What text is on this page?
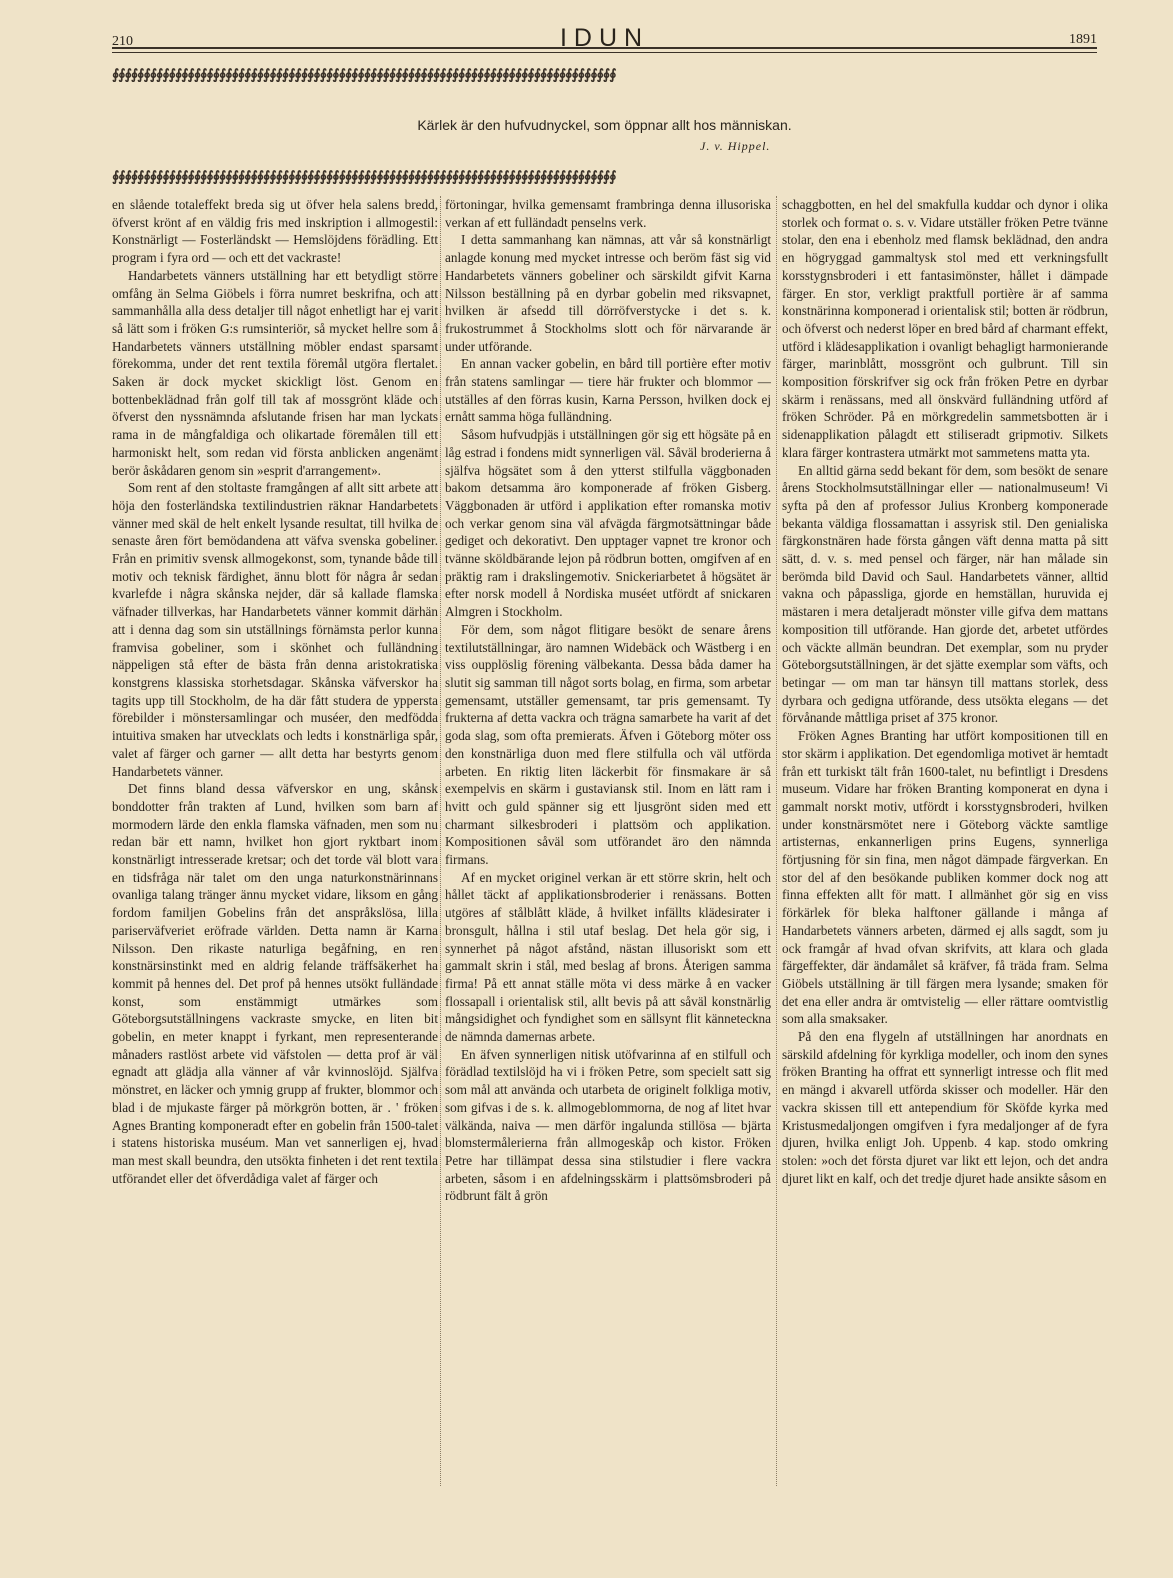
210	IDUN	1891
∮∮∮∮∮∮∮∮∮∮∮∮∮∮∮∮∮∮∮∮∮∮∮∮∮∮∮∮∮∮∮∮∮∮∮∮∮∮∮∮∮∮∮∮∮∮∮∮∮∮∮∮∮∮∮∮∮∮∮∮∮∮∮∮∮∮∮∮∮∮∮∮∮∮∮∮∮∮∮∮
Kärlek är den hufvudnyckel, som öppnar allt hos människan.
J. v. Hippel.
∮∮∮∮∮∮∮∮∮∮∮∮∮∮∮∮∮∮∮∮∮∮∮∮∮∮∮∮∮∮∮∮∮∮∮∮∮∮∮∮∮∮∮∮∮∮∮∮∮∮∮∮∮∮∮∮∮∮∮∮∮∮∮∮∮∮∮∮∮∮∮∮∮∮∮∮∮∮∮∮

en slående totaleffekt breda sig ut öfver hela salens bredd, öfverst krönt af en väldig fris med inskription i allmogestil: Konstnärligt — Fosterländskt — Hemslöjdens förädling. Ett program i fyra ord — och ett det vackraste!

Handarbetets vänners utställning har ett betydligt större omfång än Selma Giöbels i förra numret beskrifna, och att sammanhålla alla dess detaljer till något enhetligt har ej varit så lätt som i fröken G:s rumsinteriör, så mycket hellre som å Handarbetets vänners utställning möbler endast sparsamt förekomma, under det rent textila föremål utgöra flertalet. Saken är dock mycket skickligt löst. Genom en bottenbeklädnad från golf till tak af mossgrönt kläde och öfverst den nyssnämnda afslutande frisen har man lyckats rama in de mångfaldiga och olikartade föremålen till ett harmoniskt helt, som redan vid första anblicken angenämt berör åskådaren genom sin »esprit d'arrangement».

Som rent af den stoltaste framgången af allt sitt arbete att höja den fosterländska textilindustrien räknar Handarbetets vänner med skäl de helt enkelt lysande resultat, till hvilka de senaste åren fört bemödandena att väfva svenska gobeliner. Från en primitiv svensk allmogekonst, som, tynande både till motiv och teknisk färdighet, ännu blott för några år sedan kvarlefde i några skånska nejder, där så kallade flamska väfnader tillverkas, har Handarbetets vänner kommit därhän att i denna dag som sin utställnings förnämsta perlor kunna framvisa gobeliner, som i skönhet och fulländning näppeligen stå efter de bästa från denna aristokratiska konstgrens klassiska storhetsdagar. Skånska väfverskor ha tagits upp till Stockholm, de ha där fått studera de yppersta förebilder i mönstersamlingar och muséer, den medfödda intuitiva smaken har utvecklats och ledts i konstnärliga spår, valet af färger och garner — allt detta har bestyrts genom Handarbetets vänner.

Det finns bland dessa väfverskor en ung, skånsk bonddotter från trakten af Lund, hvilken som barn af mormodern lärde den enkla flamska väfnaden, men som nu redan bär ett namn, hvilket hon gjort ryktbart inom konstnärligt intresserade kretsar; och det torde väl blott vara en tidsfråga när talet om den unga naturkonstnärinnans ovanliga talang tränger ännu mycket vidare, liksom en gång fordom familjen Gobelins från det anspråkslösa, lilla pariserväfveriet eröfrade världen. Detta namn är Karna Nilsson. Den rikaste naturliga begåfning, en ren konstnärsinstinkt med en aldrig felande träffsäkerhet ha kommit på hennes del. Det prof på hennes utsökt fulländade konst, som enstämmigt utmärkes som Göteborgsutställningens vackraste smycke, en liten bit gobelin, en meter knappt i fyrkant, men representerande månaders rastlöst arbete vid väfstolen — detta prof är väl egnadt att glädja alla vänner af vår kvinnoslöjd. Själfva mönstret, en läcker och ymnig grupp af frukter, blommor och blad i de mjukaste färger på mörkgrön botten, är . ' fröken Agnes Branting komponeradt efter en gobelin från 1500-talet i statens historiska muséum. Man vet sannerligen ej, hvad man mest skall beundra, den utsökta finheten i det rent textila utförandet eller det öfverdådiga valet af färger och

förtoningar, hvilka gemensamt frambringa denna illusoriska verkan af ett fulländadt penselns verk.

I detta sammanhang kan nämnas, att vår så konstnärligt anlagde konung med mycket intresse och beröm fäst sig vid Handarbetets vänners gobeliner och särskildt gifvit Karna Nilsson beställning på en dyrbar gobelin med riksvapnet, hvilken är afsedd till dörröfverstycke i det s. k. frukostrummet å Stockholms slott och för närvarande är under utförande.

En annan vacker gobelin, en bård till portière efter motiv från statens samlingar — tiere här frukter och blommor — utställes af den förras kusin, Karna Persson, hvilken dock ej ernått samma höga fulländning.

Såsom hufvudpjäs i utställningen gör sig ett högsäte på en låg estrad i fondens midt synnerligen väl. Såväl broderierna å själfva högsätet som å den ytterst stilfulla väggbonaden bakom detsamma äro komponerade af fröken Gisberg. Väggbonaden är utförd i applikation efter romanska motiv och verkar genom sina väl afvägda färgmotsättningar både gediget och dekorativt. Den upptager vapnet tre kronor och tvänne sköldbärande lejon på rödbrun botten, omgifven af en präktig ram i drakslingemotiv. Snickeriarbetet å högsätet är efter norsk modell å Nordiska muséet utfördt af snickaren Almgren i Stockholm.

För dem, som något flitigare besökt de senare årens textilutställningar, äro namnen Widebäck och Wästberg i en viss oupplöslig förening välbekanta. Dessa båda damer ha slutit sig samman till något sorts bolag, en firma, som arbetar gemensamt, utställer gemensamt, tar pris gemensamt. Ty frukterna af detta vackra och trägna samarbete ha varit af det goda slag, som ofta premierats. Äfven i Göteborg möter oss den konstnärliga duon med flere stilfulla och väl utförda arbeten. En riktig liten läckerbit för finsmakare är så exempelvis en skärm i gustaviansk stil. Inom en lätt ram i hvitt och guld spänner sig ett ljusgrönt siden med ett charmant silkesbroderi i plattsöm och applikation. Kompositionen såväl som utförandet äro den nämnda firmans.

Af en mycket originel verkan är ett större skrin, helt och hållet täckt af applikationsbroderier i renässans. Botten utgöres af stålblått kläde, å hvilket infällts klädesirater i bronsgult, hållna i stil utaf beslag. Det hela gör sig, i synnerhet på något afstånd, nästan illusoriskt som ett gammalt skrin i stål, med beslag af brons. Återigen samma firma! På ett annat ställe möta vi dess märke å en vacker flossapall i orientalisk stil, allt bevis på att såväl konstnärlig mångsidighet och fyndighet som en sällsynt flit kännetecknа de nämnda damernas arbete.

En äfven synnerligen nitisk utöfvarinna af en stilfull och förädlad textilslöjd ha vi i fröken Petre, som specielt satt sig som mål att använda och utarbeta de originelt folkliga motiv, som gifvas i de s. k. allmogeblommorna, de nog af litet hvar välkända, naiva — men därför ingalunda stillösa — bjärta blomstermålerierna från allmogeskåp och kistor. Fröken Petre har tillämpat dessa sina stilstudier i flere vackra arbeten, såsom i en afdelningsskärm i plattsömsbroderi på rödbrunt fält å grön

schaggbotten, en hel del smakfulla kuddar och dynor i olika storlek och format o. s. v. Vidare utställer fröken Petre tvänne stolar, den ena i ebenholz med flamsk beklädnad, den andra en högryggad gammaltysk stol med ett verkningsfullt korsstygnsbroderi i ett fantasimönster, hållet i dämpade färger. En stor, verkligt praktfull portière är af samma konstnärinna komponerad i orientalisk stil; botten är rödbrun, och öfverst och nederst löper en bred bård af charmant effekt, utförd i klädesapplikation i ovanligt behagligt harmonierande färger, marinblått, mossgrönt och gulbrunt. Till sin komposition förskrifver sig ock från fröken Petre en dyrbar skärm i renässans, med all önskvärd fulländning utförd af fröken Schröder. På en mörkgredelin sammetsbotten är i sidenapplikation pålagdt ett stiliseradt gripmotiv. Silkets klara färger kontrastera utmärkt mot sammetens matta yta.

En alltid gärna sedd bekant för dem, som besökt de senare årens Stockholmsutställningar eller — nationalmuseum! Vi syfta på den af professor Julius Kronberg komponerade bekanta väldiga flossamattan i assyrisk stil. Den genialiska färgkonstnären hade första gången väft denna matta på sitt sätt, d. v. s. med pensel och färger, när han målade sin berömda bild David och Saul. Handarbetets vänner, alltid vakna och påpassliga, gjorde en hemställan, huruvida ej mästaren i mera detaljeradt mönster ville gifva dem mattans komposition till utförande. Han gjorde det, arbetet utfördes och väckte allmän beundran. Det exemplar, som nu pryder Göteborgsutställningen, är det sjätte exemplar som väfts, och betingar — om man tar hänsyn till mattans storlek, dess dyrbara och gedigna utförande, dess utsökta elegans — det förvånande måttliga priset af 375 kronor.

Fröken Agnes Branting har utfört kompositionen till en stor skärm i applikation. Det egendomliga motivet är hemtadt från ett turkiskt tält från 1600-talet, nu befintligt i Dresdens museum. Vidare har fröken Branting komponerat en dyna i gammalt norskt motiv, utfördt i korsstygnsbroderi, hvilken under konstnärsmötet nere i Göteborg väckte samtlige artisternas, enkannerligen prins Eugens, synnerliga förtjusning för sin fina, men något dämpade färgverkan. En stor del af den besökande publiken kommer dock nog att finna effekten allt för matt. I allmänhet gör sig en viss förkärlek för bleka halftoner gällande i många af Handarbetets vänners arbeten, därmed ej alls sagdt, som ju ock framgår af hvad ofvan skrifvits, att klara och glada färgeffekter, där ändamålet så kräfver, få träda fram. Selma Giöbels utställning är till färgen mera lysande; smaken för det ena eller andra är omtvistelig — eller rättare oomtvistlig som alla smaksaker.

På den ena flygeln af utställningen har anordnats en särskild afdelning för kyrkliga modeller, och inom den synes fröken Branting ha offrat ett synnerligt intresse och flit med en mängd i akvarell utförda skisser och modeller. Här den vackra skissen till ett antependium för Sköfde kyrka med Kristusmedaljongen omgifven i fyra medaljonger af de fyra djuren, hvilka enligt Joh. Uppenb. 4 kap. stodo omkring stolen: »och det första djuret var likt ett lejon, och det andra djuret likt en kalf, och det tredje djuret hade ansikte såsom en
